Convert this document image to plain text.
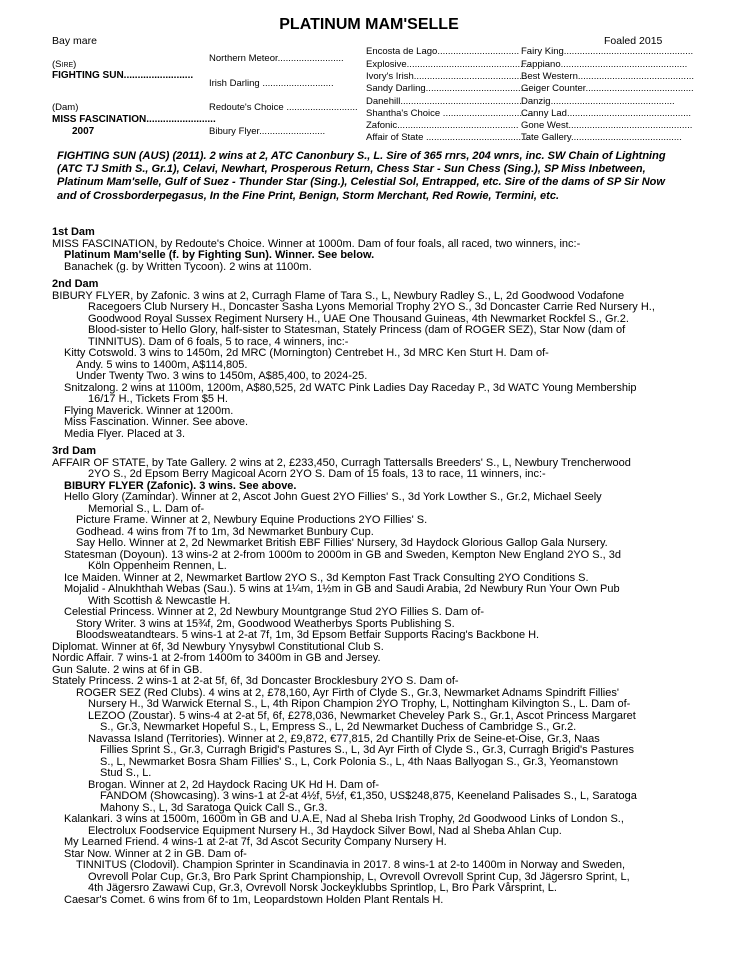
PLATINUM MAM'SELLE
Bay mare	Foaled 2015
(Sire)
FIGHTING SUN.........................
(Dam)
MISS FASCINATION.........................
2007
Northern Meteor.........................
Irish Darling ...........................
Redoute's Choice ...........................
Bibury Flyer.........................
Encosta de Lago...............................
Explosive...............................................
Ivory's Irish...........................................
Sandy Darling........................................
Danehill..............................................
Shantha's Choice ..................................
Zafonic..............................................
Affair of State .......................................
Fairy King.................................................
Fappiano................................................
Best Western............................................
Geiger Counter.........................................
Danzig...............................................
Canny Lad...............................................
Gone West...............................................
Tate Gallery..........................................
FIGHTING SUN (AUS) (2011). 2 wins at 2, ATC Canonbury S., L. Sire of 365 rnrs, 204 wnrs, inc. SW Chain of Lightning (ATC TJ Smith S., Gr.1), Celavi, Newhart, Prosperous Return, Chess Star - Sun Chess (Sing.), SP Miss Inbetween, Platinum Mam'selle, Gulf of Suez - Thunder Star (Sing.), Celestial Sol, Entrapped, etc. Sire of the dams of SP Sir Now and of Crossborderpegasus, In the Fine Print, Benign, Storm Merchant, Red Rowie, Termini, etc.

1st Dam

MISS FASCINATION, by Redoute's Choice. Winner at 1000m. Dam of four foals, all raced, two winners, inc:-

Platinum Mam'selle (f. by Fighting Sun). Winner. See below.

Banachek (g. by Written Tycoon). 2 wins at 1100m.

2nd Dam

BIBURY FLYER, by Zafonic. 3 wins at 2, Curragh Flame of Tara S., L, Newbury Radley S., L, 2d Goodwood Vodafone

Racegoers Club Nursery H., Doncaster Sasha Lyons Memorial Trophy 2YO S., 3d Doncaster Carrie Red Nursery H.,

Goodwood Royal Sussex Regiment Nursery H., UAE One Thousand Guineas, 4th Newmarket Rockfel S., Gr.2.

Blood-sister to Hello Glory, half-sister to Statesman, Stately Princess (dam of ROGER SEZ), Star Now (dam of

TINNITUS). Dam of 6 foals, 5 to race, 4 winners, inc:-

Kitty Cotswold. 3 wins to 1450m, 2d MRC (Mornington) Centrebet H., 3d MRC Ken Sturt H. Dam of-

Andy. 5 wins to 1400m, A$114,805.

Under Twenty Two. 3 wins to 1450m, A$85,400, to 2024-25.

Snitzalong. 2 wins at 1100m, 1200m, A$80,525, 2d WATC Pink Ladies Day Raceday P., 3d WATC Young Membership

16/17 H., Tickets From $5 H.

Flying Maverick. Winner at 1200m.

Miss Fascination. Winner. See above.

Media Flyer. Placed at 3.

3rd Dam

AFFAIR OF STATE, by Tate Gallery. 2 wins at 2, £233,450, Curragh Tattersalls Breeders' S., L, Newbury Trencherwood

2YO S., 2d Epsom Berry Magicoal Acorn 2YO S. Dam of 15 foals, 13 to race, 11 winners, inc:-

BIBURY FLYER (Zafonic). 3 wins. See above.

Hello Glory (Zamindar). Winner at 2, Ascot John Guest 2YO Fillies' S., 3d York Lowther S., Gr.2, Michael Seely

Memorial S., L. Dam of-

Picture Frame. Winner at 2, Newbury Equine Productions 2YO Fillies' S.

Godhead. 4 wins from 7f to 1m, 3d Newmarket Bunbury Cup.

Say Hello. Winner at 2, 2d Newmarket British EBF Fillies' Nursery, 3d Haydock Glorious Gallop Gala Nursery.

Statesman (Doyoun). 13 wins-2 at 2-from 1000m to 2000m in GB and Sweden, Kempton New England 2YO S., 3d

Köln Oppenheim Rennen, L.

Ice Maiden. Winner at 2, Newmarket Bartlow 2YO S., 3d Kempton Fast Track Consulting 2YO Conditions S.

Mojalid - Alnukhthah Webas (Sau.). 5 wins at 1¼m, 1½m in GB and Saudi Arabia, 2d Newbury Run Your Own Pub

With Scottish & Newcastle H.

Celestial Princess. Winner at 2, 2d Newbury Mountgrange Stud 2YO Fillies S. Dam of-

Story Writer. 3 wins at 15¾f, 2m, Goodwood Weatherbys Sports Publishing S.

Bloodsweatandtears. 5 wins-1 at 2-at 7f, 1m, 3d Epsom Betfair Supports Racing's Backbone H.

Diplomat. Winner at 6f, 3d Newbury Ynysybwl Constitutional Club S.

Nordic Affair. 7 wins-1 at 2-from 1400m to 3400m in GB and Jersey.

Gun Salute. 2 wins at 6f in GB.

Stately Princess. 2 wins-1 at 2-at 5f, 6f, 3d Doncaster Brocklesbury 2YO S. Dam of-

ROGER SEZ (Red Clubs). 4 wins at 2, £78,160, Ayr Firth of Clyde S., Gr.3, Newmarket Adnams Spindrift Fillies'

Nursery H., 3d Warwick Eternal S., L, 4th Ripon Champion 2YO Trophy, L, Nottingham Kilvington S., L. Dam of-

LEZOO (Zoustar). 5 wins-4 at 2-at 5f, 6f, £278,036, Newmarket Cheveley Park S., Gr.1, Ascot Princess Margaret

S., Gr.3, Newmarket Hopeful S., L, Empress S., L, 2d Newmarket Duchess of Cambridge S., Gr.2.

Navassa Island (Territories). Winner at 2, £9,872, €77,815, 2d Chantilly Prix de Seine-et-Oise, Gr.3, Naas

Fillies Sprint S., Gr.3, Curragh Brigid's Pastures S., L, 3d Ayr Firth of Clyde S., Gr.3, Curragh Brigid's Pastures

S., L, Newmarket Bosra Sham Fillies' S., L, Cork Polonia S., L, 4th Naas Ballyogan S., Gr.3, Yeomanstown

Stud S., L.

Brogan. Winner at 2, 2d Haydock Racing UK Hd H. Dam of-

FANDOM (Showcasing). 3 wins-1 at 2-at 4½f, 5½f, €1,350, US$248,875, Keeneland Palisades S., L, Saratoga

Mahony S., L, 3d Saratoga Quick Call S., Gr.3.

Kalankari. 3 wins at 1500m, 1600m in GB and U.A.E, Nad al Sheba Irish Trophy, 2d Goodwood Links of London S.,

Electrolux Foodservice Equipment Nursery H., 3d Haydock Silver Bowl, Nad al Sheba Ahlan Cup.

My Learned Friend. 4 wins-1 at 2-at 7f, 3d Ascot Security Company Nursery H.

Star Now. Winner at 2 in GB. Dam of-

TINNITUS (Clodovil). Champion Sprinter in Scandinavia in 2017. 8 wins-1 at 2-to 1400m in Norway and Sweden,

Ovrevoll Polar Cup, Gr.3, Bro Park Sprint Championship, L, Ovrevoll Ovrevoll Sprint Cup, 3d Jägersro Sprint, L,

4th Jägersro Zawawi Cup, Gr.3, Ovrevoll Norsk Jockeyklubbs Sprintlop, L, Bro Park Vårsprint, L.

Caesar's Comet. 6 wins from 6f to 1m, Leopardstown Holden Plant Rentals H.
